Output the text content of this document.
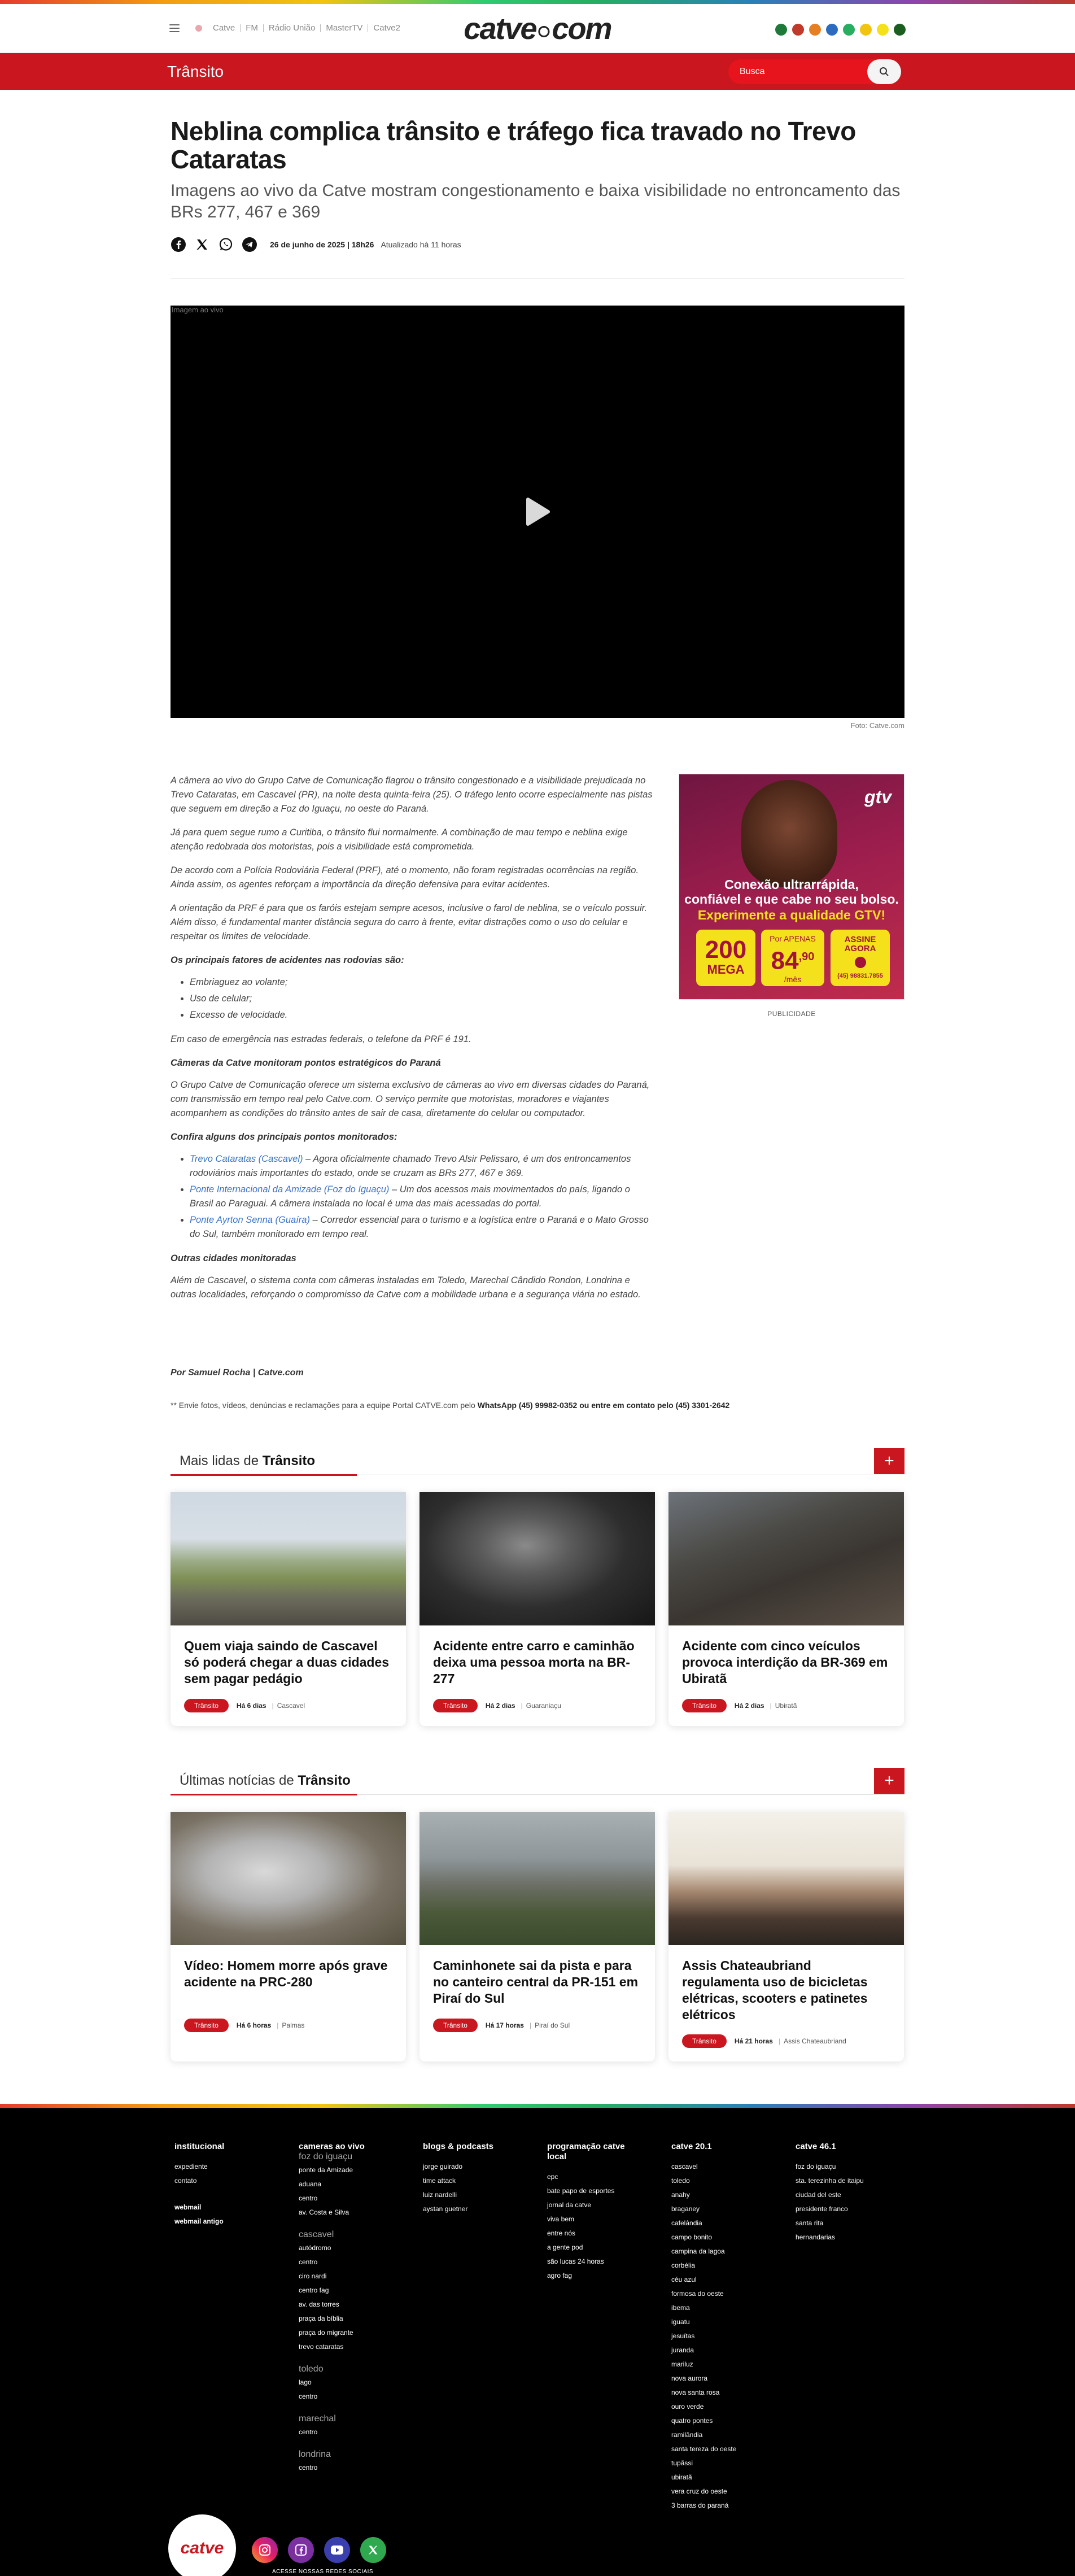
Catve	FM	Rádio União	MasterTV	Catve2 catve com
Trânsito
Busca
Neblina complica trânsito e tráfego fica travado no Trevo Cataratas
Imagens ao vivo da Catve mostram congestionamento e baixa visibilidade no entroncamento das BRs 277, 467 e 369
26 de junho de 2025 | 18h26 Atualizado há 11 horas
Imagem ao vivo
Foto: Catve.com

A câmera ao vivo do Grupo Catve de Comunicação flagrou o trânsito congestionado e a visibilidade prejudicada no Trevo Cataratas, em Cascavel (PR), na noite desta quinta-feira (25). O tráfego lento ocorre especialmente nas pistas que seguem em direção a Foz do Iguaçu, no oeste do Paraná.

Já para quem segue rumo a Curitiba, o trânsito flui normalmente. A combinação de mau tempo e neblina exige atenção redobrada dos motoristas, pois a visibilidade está comprometida.

De acordo com a Polícia Rodoviária Federal (PRF), até o momento, não foram registradas ocorrências na região. Ainda assim, os agentes reforçam a importância da direção defensiva para evitar acidentes.

A orientação da PRF é para que os faróis estejam sempre acesos, inclusive o farol de neblina, se o veículo possuir. Além disso, é fundamental manter distância segura do carro à frente, evitar distrações como o uso do celular e respeitar os limites de velocidade.

Os principais fatores de acidentes nas rodovias são:
• Embriaguez ao volante;
• Uso de celular;
• Excesso de velocidade.

Em caso de emergência nas estradas federais, o telefone da PRF é 191.

Câmeras da Catve monitoram pontos estratégicos do Paraná

O Grupo Catve de Comunicação oferece um sistema exclusivo de câmeras ao vivo em diversas cidades do Paraná, com transmissão em tempo real pelo Catve.com. O serviço permite que motoristas, moradores e viajantes acompanhem as condições do trânsito antes de sair de casa, diretamente do celular ou computador.

Confira alguns dos principais pontos monitorados:
• Trevo Cataratas (Cascavel) – Agora oficialmente chamado Trevo Alsir Pelissaro, é um dos entroncamentos rodoviários mais importantes do estado, onde se cruzam as BRs 277, 467 e 369.
• Ponte Internacional da Amizade (Foz do Iguaçu) – Um dos acessos mais movimentados do país, ligando o Brasil ao Paraguai. A câmera instalada no local é uma das mais acessadas do portal.
• Ponte Ayrton Senna (Guaíra) – Corredor essencial para o turismo e a logística entre o Paraná e o Mato Grosso do Sul, também monitorado em tempo real.
Outras cidades monitoradas

Além de Cascavel, o sistema conta com câmeras instaladas em Toledo, Marechal Cândido Rondon, Londrina e outras localidades, reforçando o compromisso da Catve com a mobilidade urbana e a segurança viária no estado.

gtv
Conexão ultrarrápida,
confiável e que cabe no seu bolso.
Experimente a qualidade GTV!
200
MEGA
Por APENAS
$84^{,90}$
/mês
ASSINE AGORA
(45) 98831.7855
PUBLICIDADE
Por Samuel Rocha | Catve.com
** Envie fotos, vídeos, denúncias e reclamações para a equipe Portal CATVE.com pelo WhatsApp (45) 99982-0352 ou entre em contato pelo (45) 3301-2642
Mais lidas de Trânsito	+
Quem viaja saindo de Cascavel só poderá chegar a duas cidades sem pagar pedágio
Trânsito	Há 6 dias | Cascavel
Acidente entre carro e caminhão deixa uma pessoa morta na BR-277
Trânsito	Há 2 dias | Guaraniaçu
Acidente com cinco veículos provoca interdição da BR-369 em Ubiratã
Trânsito	Há 2 dias | Ubiratã
Últimas notícias de Trânsito	+
Vídeo: Homem morre após grave acidente na PRC-280
Trânsito	Há 6 horas | Palmas
Caminhonete sai da pista e para no canteiro central da PR-151 em Piraí do Sul
Trânsito	Há 17 horas | Piraí do Sul
Assis Chateaubriand regulamenta uso de bicicletas elétricas, scooters e patinetes elétricos
Trânsito	Há 21 horas | Assis Chateaubriand
institucional
expediente
contato
webmail
webmail antigo
cameras ao vivo
foz do iguaçu
ponte da Amizade
aduana
centro
av. Costa e Silva
cascavel
autódromo
centro
ciro nardi
centro fag
av. das torres
praça da bíblia
praça do migrante
trevo cataratas
toledo
lago
centro
marechal
centro
londrina
centro
blogs & podcasts
jorge guirado
time attack
luiz nardelli
aystan guetner
programação catve local
epc
bate papo de esportes
jornal da catve
viva bem
entre nós
a gente pod
são lucas 24 horas
agro fag
catve 20.1
cascavel
toledo
anahy
braganey
cafelândia
campo bonito
campina da lagoa
corbélia
céu azul
formosa do oeste
ibema
iguatu
jesuítas
juranda
mariluz
nova aurora
nova santa rosa
ouro verde
quatro pontes
ramilândia
santa tereza do oeste
tupãssi
ubiratã
vera cruz do oeste
3 barras do paraná
catve 46.1
foz do iguaçu
sta. terezinha de itaipu
ciudad del este
presidente franco
santa rita
hernandarias
catve
ACESSE NOSSAS REDES SOCIAIS
